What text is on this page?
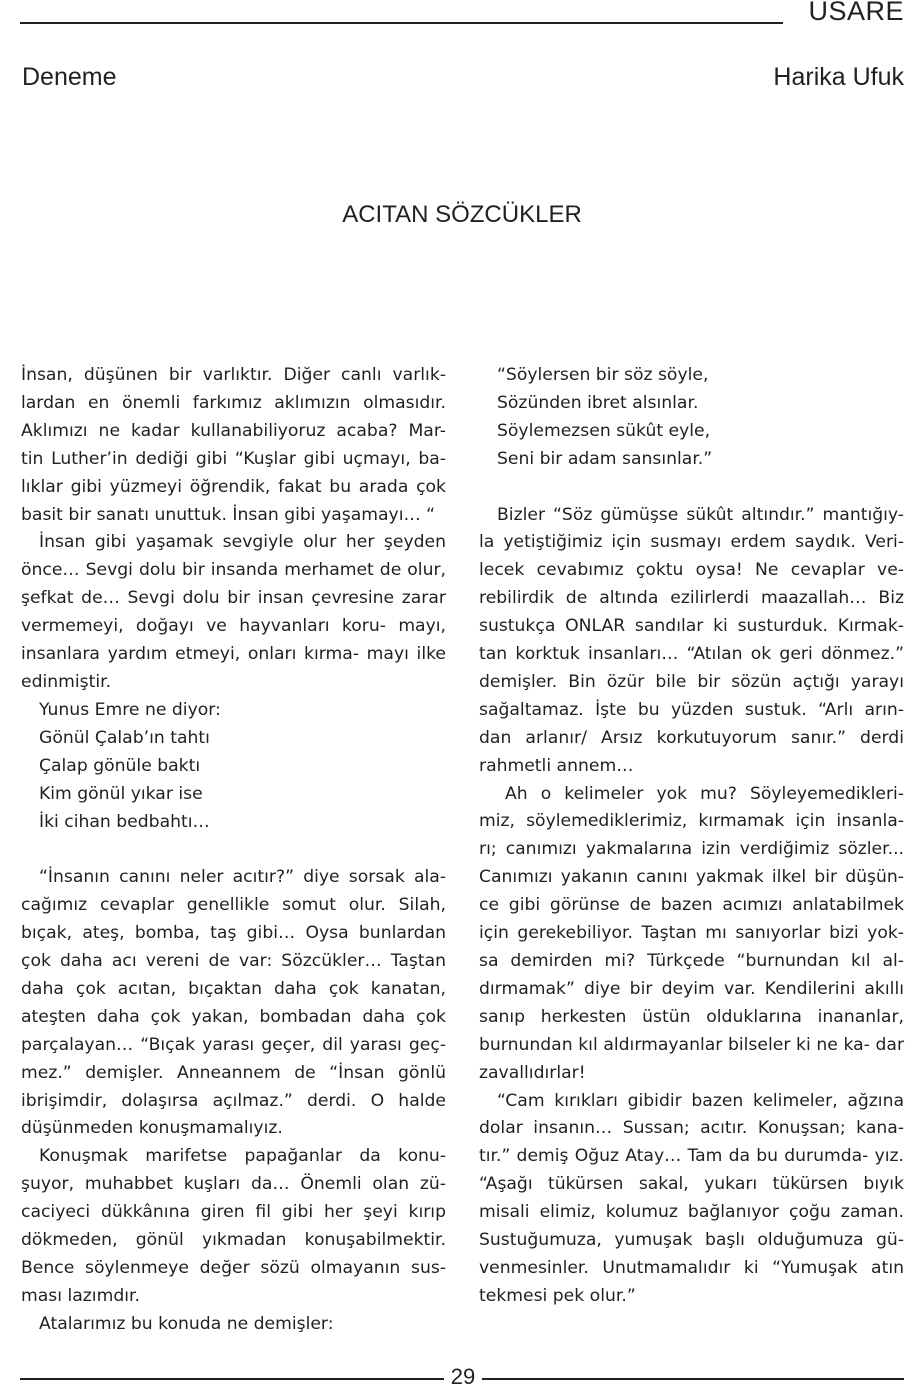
USARE
Deneme	Harika Ufuk
ACITAN SÖZCÜKLER

İnsan, düşünen bir varlıktır. Diğer canlı varlık- lardan en önemli farkımız aklımızın olmasıdır. Aklımızı ne kadar kullanabiliyoruz acaba? Mar- tin Luther’in dediği gibi “Kuşlar gibi uçmayı, ba- lıklar gibi yüzmeyi öğrendik, fakat bu arada çok basit bir sanatı unuttuk. İnsan gibi yaşamayı… “

İnsan gibi yaşamak sevgiyle olur her şeyden önce… Sevgi dolu bir insanda merhamet de olur, şefkat de… Sevgi dolu bir insan çevresine zarar vermemeyi, doğayı ve hayvanları koru- mayı, insanlara yardım etmeyi, onları kırma- mayı ilke edinmiştir.

Yunus Emre ne diyor:

Gönül Çalab’ın tahtı

Çalap gönüle baktı

Kim gönül yıkar ise

İki cihan bedbahtı…

“İnsanın canını neler acıtır?” diye sorsak ala- cağımız cevaplar genellikle somut olur. Silah, bıçak, ateş, bomba, taş gibi… Oysa bunlardan çok daha acı vereni de var: Sözcükler… Taştan daha çok acıtan, bıçaktan daha çok kanatan, ateşten daha çok yakan, bombadan daha çok parçalayan… “Bıçak yarası geçer, dil yarası geç- mez.” demişler. Anneannem de “İnsan gönlü ibrişimdir, dolaşırsa açılmaz.” derdi. O halde düşünmeden konuşmamalıyız.

Konuşmak marifetse papağanlar da konu- şuyor, muhabbet kuşları da… Önemli olan zü- caciyeci dükkânına giren fil gibi her şeyi kırıp dökmeden, gönül yıkmadan konuşabilmektir. Bence söylenmeye değer sözü olmayanın sus- ması lazımdır.

Atalarımız bu konuda ne demişler:

“Söylersen bir söz söyle,

Sözünden ibret alsınlar.

Söylemezsen sükût eyle,

Seni bir adam sansınlar.”

Bizler “Söz gümüşse sükût altındır.” mantığıy- la yetiştiğimiz için susmayı erdem saydık. Veri- lecek cevabımız çoktu oysa! Ne cevaplar ve- rebilirdik de altında ezilirlerdi maazallah… Biz sustukça ONLAR sandılar ki susturduk. Kırmak- tan korktuk insanları… “Atılan ok geri dönmez.” demişler. Bin özür bile bir sözün açtığı yarayı sağaltamaz. İşte bu yüzden sustuk. “Arlı arın- dan arlanır/ Arsız korkutuyorum sanır.” derdi rahmetli annem…

Ah o kelimeler yok mu? Söyleyemedikleri- miz, söylemediklerimiz, kırmamak için insanla- rı; canımızı yakmalarına izin verdiğimiz sözler... Canımızı yakanın canını yakmak ilkel bir düşün- ce gibi görünse de bazen acımızı anlatabilmek için gerekebiliyor. Taştan mı sanıyorlar bizi yok- sa demirden mi? Türkçede “burnundan kıl al- dırmamak” diye bir deyim var. Kendilerini akıllı sanıp herkesten üstün olduklarına inananlar, burnundan kıl aldırmayanlar bilseler ki ne ka- dar zavallıdırlar!

“Cam kırıkları gibidir bazen kelimeler, ağzına dolar insanın… Sussan; acıtır. Konuşsan; kana- tır.” demiş Oğuz Atay… Tam da bu durumda- yız. “Aşağı tükürsen sakal, yukarı tükürsen bıyık misali elimiz, kolumuz bağlanıyor çoğu zaman. Sustuğumuza, yumuşak başlı olduğumuza gü- venmesinler. Unutmamalıdır ki “Yumuşak atın tekmesi pek olur.”

29
